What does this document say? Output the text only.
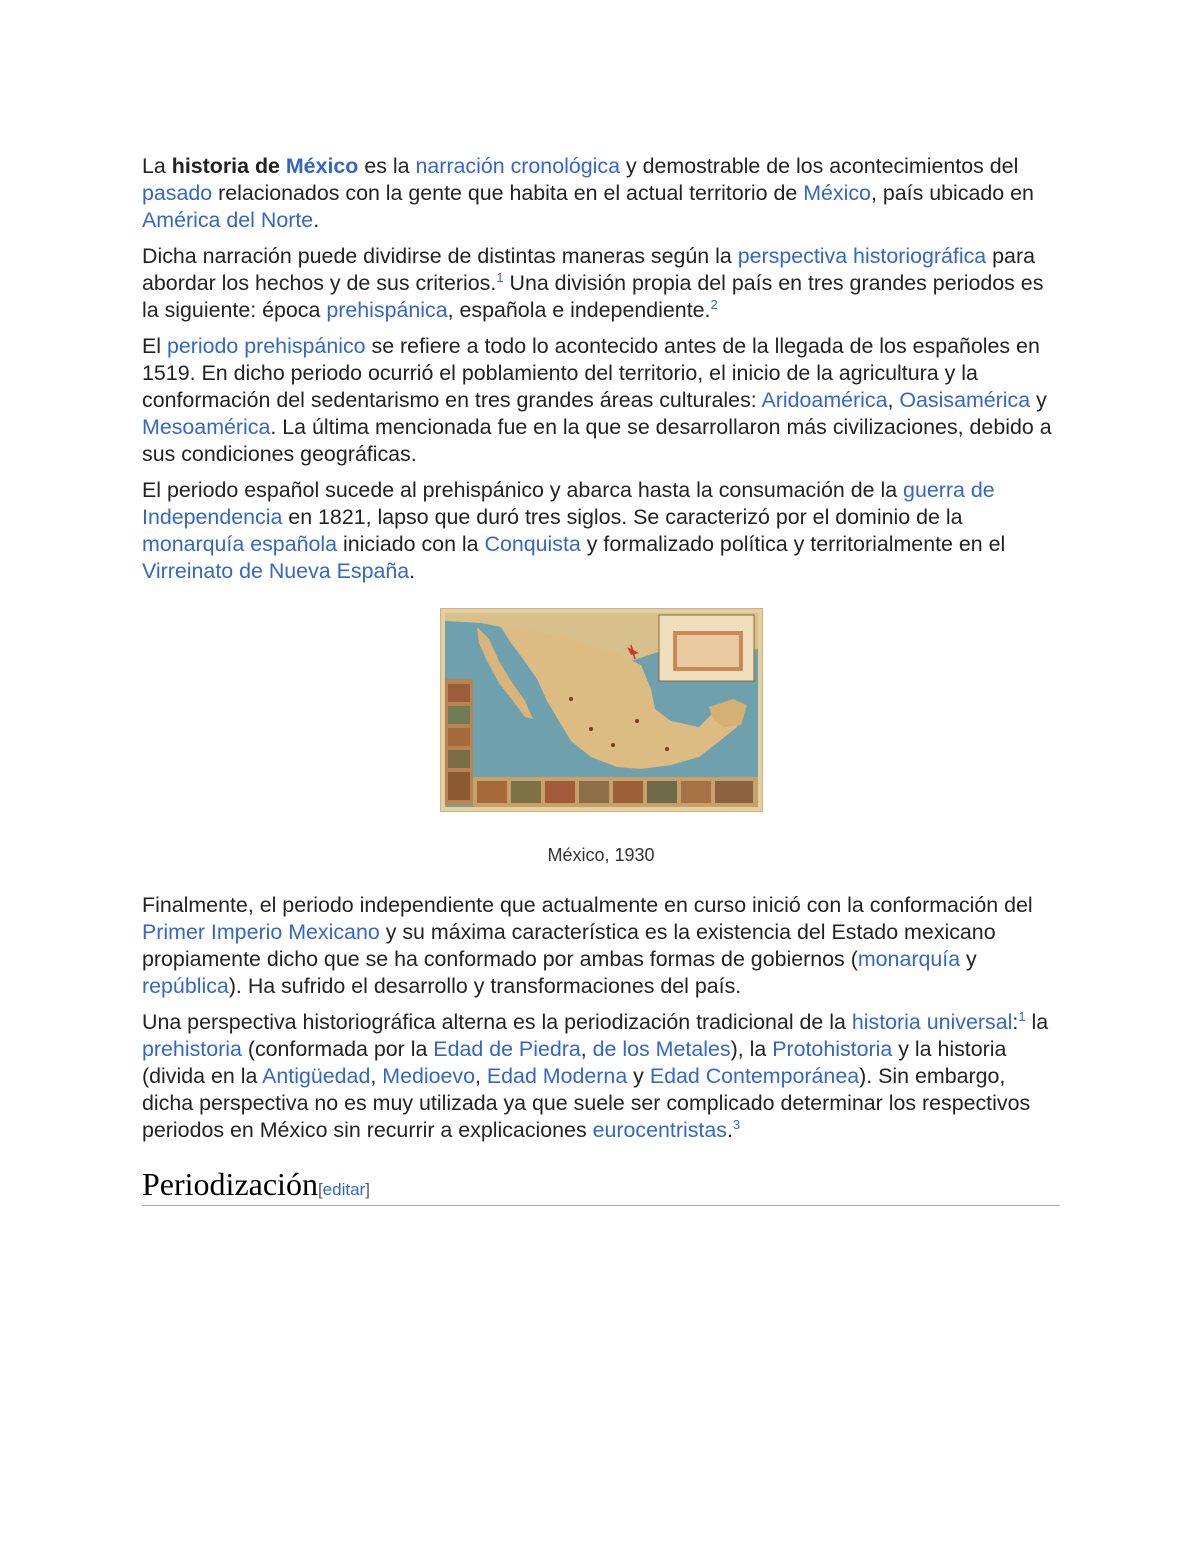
La historia de México es la narración cronológica y demostrable de los acontecimientos del pasado relacionados con la gente que habita en el actual territorio de México, país ubicado en América del Norte.

Dicha narración puede dividirse de distintas maneras según la perspectiva historiográfica para abordar los hechos y de sus criterios.$^1$ Una división propia del país en tres grandes periodos es la siguiente: época prehispánica, española e independiente.$^2$

El periodo prehispánico se refiere a todo lo acontecido antes de la llegada de los españoles en 1519. En dicho periodo ocurrió el poblamiento del territorio, el inicio de la agricultura y la conformación del sedentarismo en tres grandes áreas culturales: Aridoamérica, Oasisamérica y Mesoamérica. La última mencionada fue en la que se desarrollaron más civilizaciones, debido a sus condiciones geográficas.

El periodo español sucede al prehispánico y abarca hasta la consumación de la guerra de Independencia en 1821, lapso que duró tres siglos. Se caracterizó por el dominio de la monarquía española iniciado con la Conquista y formalizado política y territorialmente en el Virreinato de Nueva España.

México, 1930

Finalmente, el periodo independiente que actualmente en curso inició con la conformación del Primer Imperio Mexicano y su máxima característica es la existencia del Estado mexicano propiamente dicho que se ha conformado por ambas formas de gobiernos (monarquía y república). Ha sufrido el desarrollo y transformaciones del país.

Una perspectiva historiográfica alterna es la periodización tradicional de la historia universal:$^1$ la prehistoria (conformada por la Edad de Piedra, de los Metales), la Protohistoria y la historia (divida en la Antigüedad, Medioevo, Edad Moderna y Edad Contemporánea). Sin embargo, dicha perspectiva no es muy utilizada ya que suele ser complicado determinar los respectivos periodos en México sin recurrir a explicaciones eurocentristas.$^3$

Periodización[editar]
